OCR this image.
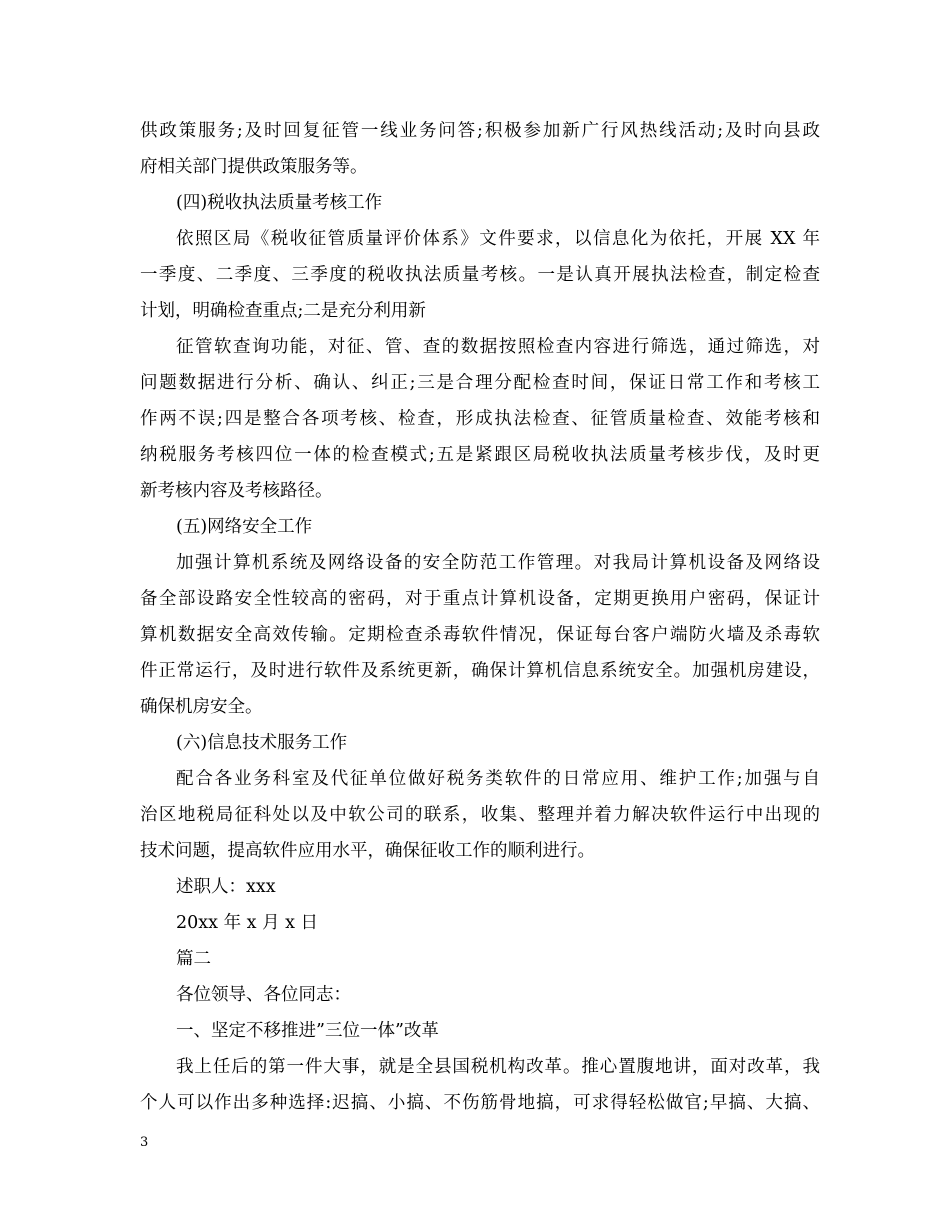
供政策服务;及时回复征管一线业务问答;积极参加新广行风热线活动;及时向县政
府相关部门提供政策服务等。
(四)税收执法质量考核工作
依照区局《税收征管质量评价体系》文件要求，以信息化为依托，开展 XX 年
一季度、二季度、三季度的税收执法质量考核。一是认真开展执法检查，制定检查
计划，明确检查重点;二是充分利用新
征管软查询功能，对征、管、查的数据按照检查内容进行筛选，通过筛选，对
问题数据进行分析、确认、纠正;三是合理分配检查时间，保证日常工作和考核工
作两不误;四是整合各项考核、检查，形成执法检查、征管质量检查、效能考核和
纳税服务考核四位一体的检查模式;五是紧跟区局税收执法质量考核步伐，及时更
新考核内容及考核路径。
(五)网络安全工作
加强计算机系统及网络设备的安全防范工作管理。对我局计算机设备及网络设
备全部设路安全性较高的密码，对于重点计算机设备，定期更换用户密码，保证计
算机数据安全高效传输。定期检查杀毒软件情况，保证每台客户端防火墙及杀毒软
件正常运行，及时进行软件及系统更新，确保计算机信息系统安全。加强机房建设，
确保机房安全。
(六)信息技术服务工作
配合各业务科室及代征单位做好税务类软件的日常应用、维护工作;加强与自
治区地税局征科处以及中软公司的联系，收集、整理并着力解决软件运行中出现的
技术问题，提高软件应用水平，确保征收工作的顺利进行。
述职人：xxx
20xx 年 x 月 x 日
篇二
各位领导、各位同志：
一、坚定不移推进”三位一体”改革
我上任后的第一件大事，就是全县国税机构改革。推心置腹地讲，面对改革，我
个人可以作出多种选择:迟搞、小搞、不伤筋骨地搞，可求得轻松做官;早搞、大搞、
3
